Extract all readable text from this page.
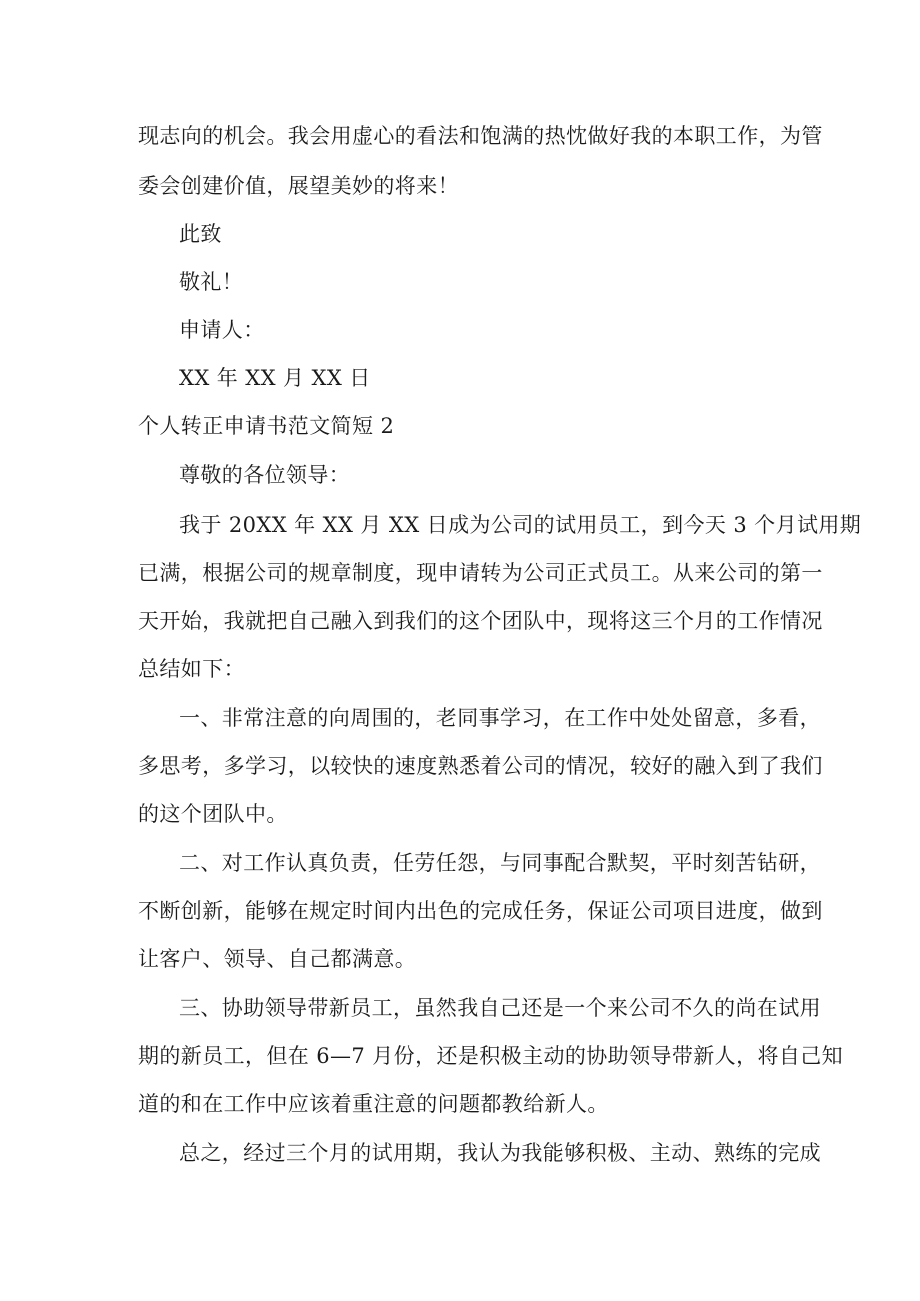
现志向的机会。我会用虚心的看法和饱满的热忱做好我的本职工作，为管
委会创建价值，展望美妙的将来！
此致
敬礼！
申请人：
XX 年 XX 月 XX 日
个人转正申请书范文简短 2
尊敬的各位领导：
我于 20XX 年 XX 月 XX 日成为公司的试用员工，到今天 3 个月试用期
已满，根据公司的规章制度，现申请转为公司正式员工。从来公司的第一
天开始，我就把自己融入到我们的这个团队中，现将这三个月的工作情况
总结如下：
一、非常注意的向周围的，老同事学习，在工作中处处留意，多看，
多思考，多学习，以较快的速度熟悉着公司的情况，较好的融入到了我们
的这个团队中。
二、对工作认真负责，任劳任怨，与同事配合默契，平时刻苦钻研，
不断创新，能够在规定时间内出色的完成任务，保证公司项目进度，做到
让客户、领导、自己都满意。
三、协助领导带新员工，虽然我自己还是一个来公司不久的尚在试用
期的新员工，但在 6—7 月份，还是积极主动的协助领导带新人，将自己知
道的和在工作中应该着重注意的问题都教给新人。
总之，经过三个月的试用期，我认为我能够积极、主动、熟练的完成
